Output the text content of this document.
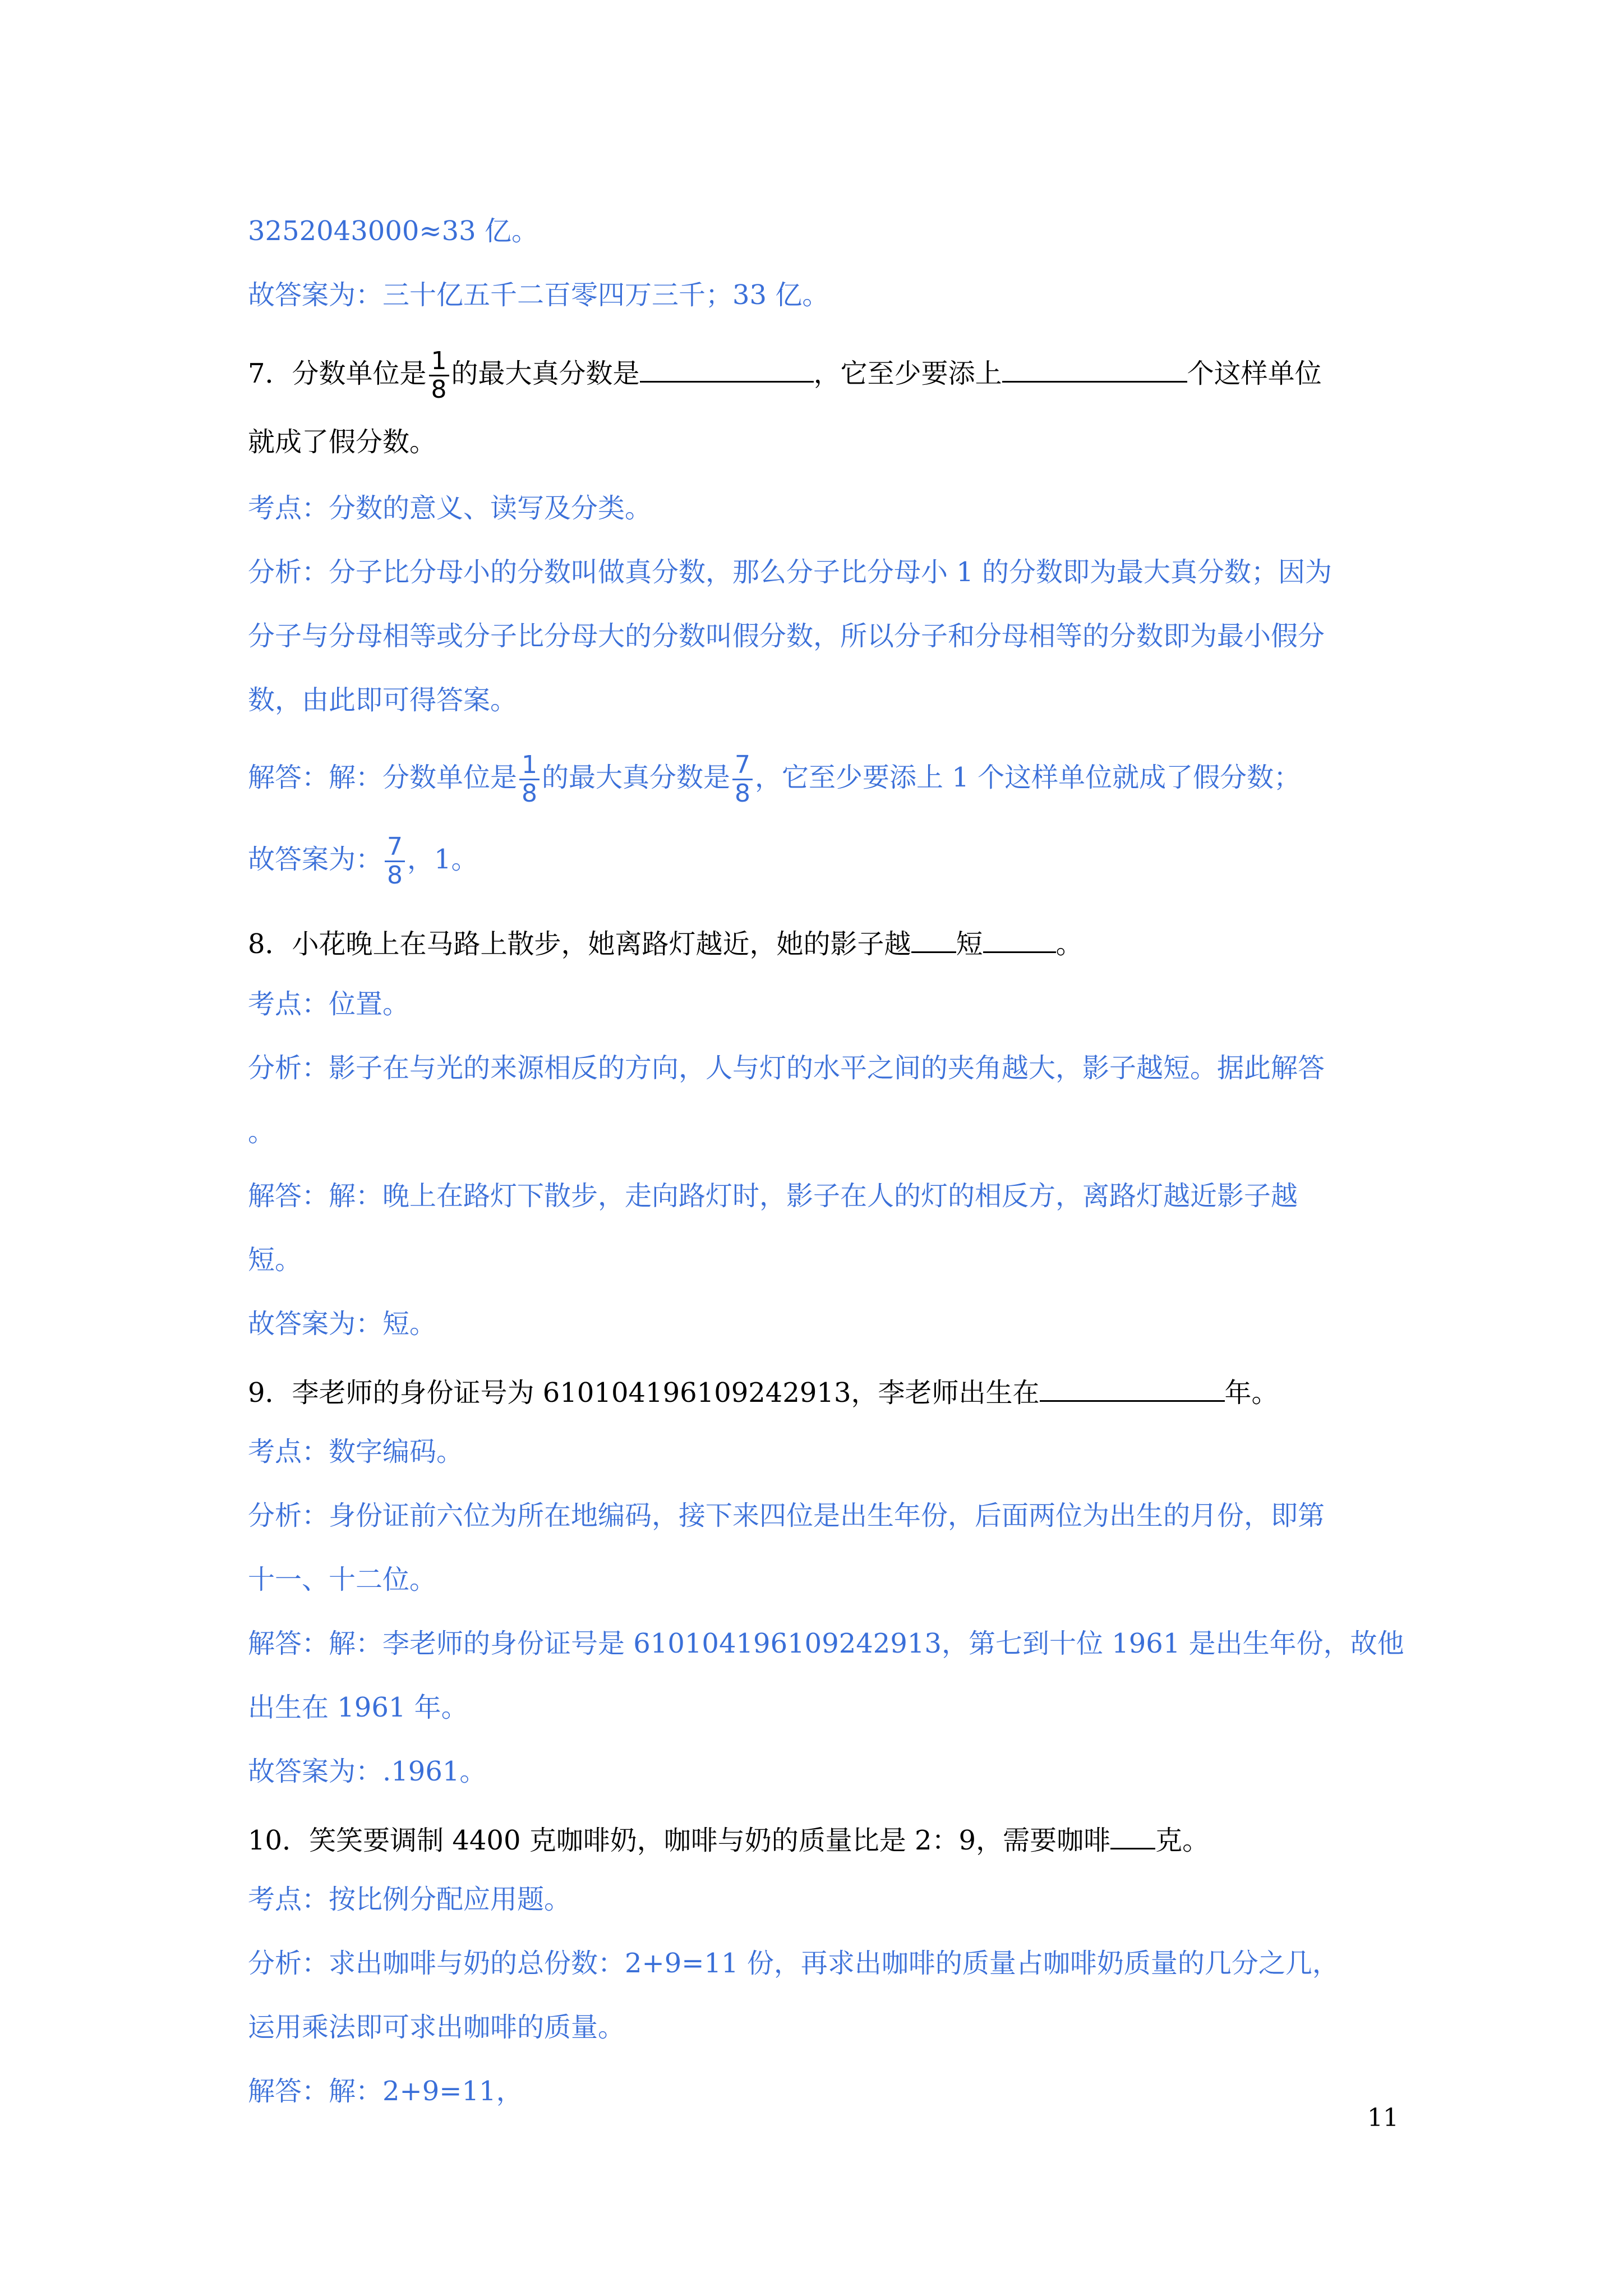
3252043000≈33 亿。
故答案为：三十亿五千二百零四万三千；33 亿。
7．分数单位是 $\frac{1}{8}$ 的最大真分数是	，它至少要添上	个这样单位
就成了假分数。
考点：分数的意义、读写及分类。
分析：分子比分母小的分数叫做真分数，那么分子比分母小 1 的分数即为最大真分数；因为
分子与分母相等或分子比分母大的分数叫假分数，所以分子和分母相等的分数即为最小假分
数，由此即可得答案。
解答：解：分数单位是 $\frac{1}{8}$ 的最大真分数是 $\frac{7}{8}$ ，它至少要添上 1 个这样单位就成了假分数；
故答案为： $\frac{7}{8}$ ，1。
8．小花晚上在马路上散步，她离路灯越近，她的影子越 短	。
考点：位置。
分析：影子在与光的来源相反的方向，人与灯的水平之间的夹角越大，影子越短。据此解答
。
解答：解：晚上在路灯下散步，走向路灯时，影子在人的灯的相反方，离路灯越近影子越
短。
故答案为：短。
9．李老师的身份证号为 610104196109242913，李老师出生在	年。
考点：数字编码。
分析：身份证前六位为所在地编码，接下来四位是出生年份，后面两位为出生的月份，即第
十一、十二位。
解答：解：李老师的身份证号是 610104196109242913，第七到十位 1961 是出生年份，故他
出生在 1961 年。
故答案为：.1961。
10．笑笑要调制 4400 克咖啡奶，咖啡与奶的质量比是 2：9，需要咖啡 克。
考点：按比例分配应用题。
分析：求出咖啡与奶的总份数：2+9=11 份，再求出咖啡的质量占咖啡奶质量的几分之几，
运用乘法即可求出咖啡的质量。
解答：解：2+9=11，
11
